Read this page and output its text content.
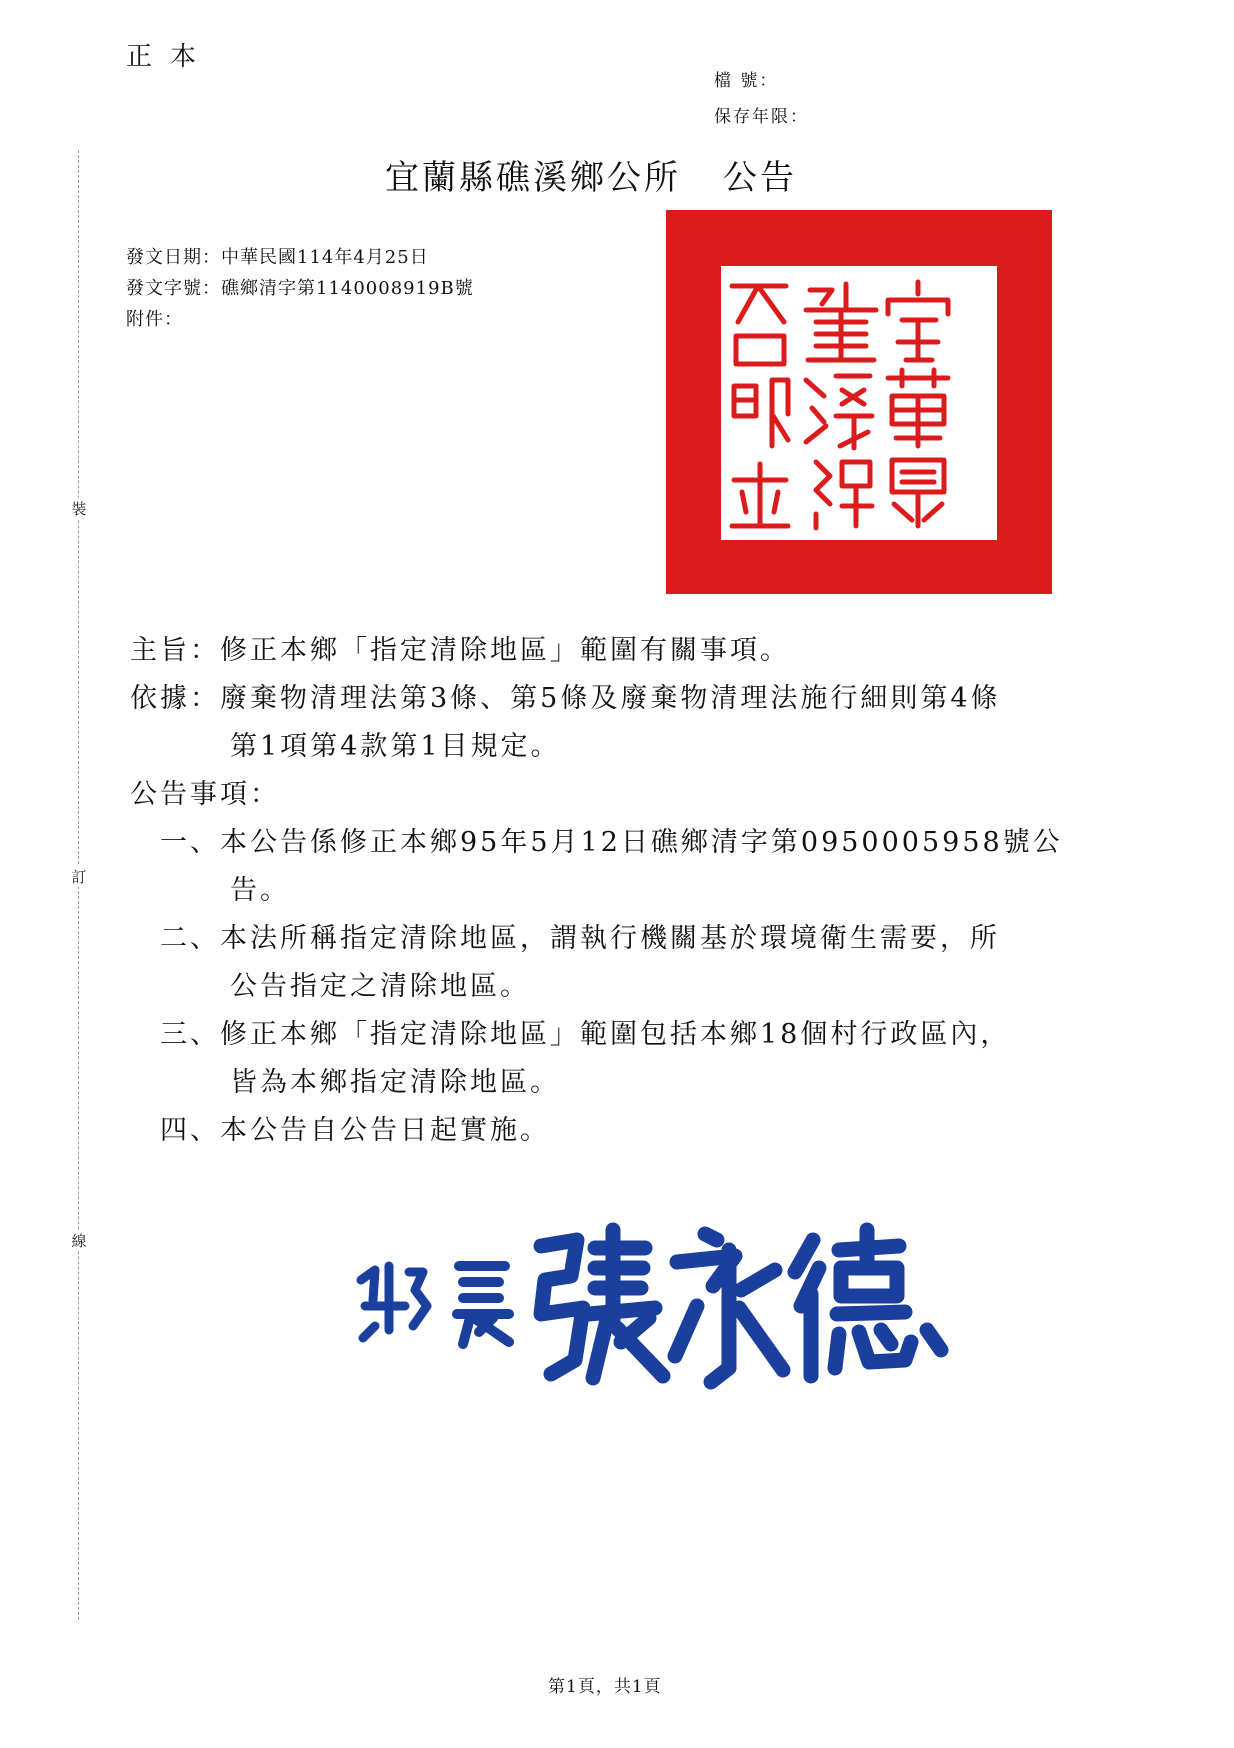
正本
檔 號：
保存年限：
裝
訂
線
宜蘭縣礁溪鄉公所 公告
發文日期：中華民國114年4月25日
發文字號：礁鄉清字第1140008919B號
附件：
主旨：修正本鄉「指定清除地區」範圍有關事項。
依據：廢棄物清理法第3條、第5條及廢棄物清理法施行細則第4條
第1項第4款第1目規定。
公告事項：
一、本公告係修正本鄉95年5月12日礁鄉清字第0950005958號公
告。
二、本法所稱指定清除地區，謂執行機關基於環境衛生需要，所
公告指定之清除地區。
三、修正本鄉「指定清除地區」範圍包括本鄉18個村行政區內，
皆為本鄉指定清除地區。
四、本公告自公告日起實施。
第1頁，共1頁
